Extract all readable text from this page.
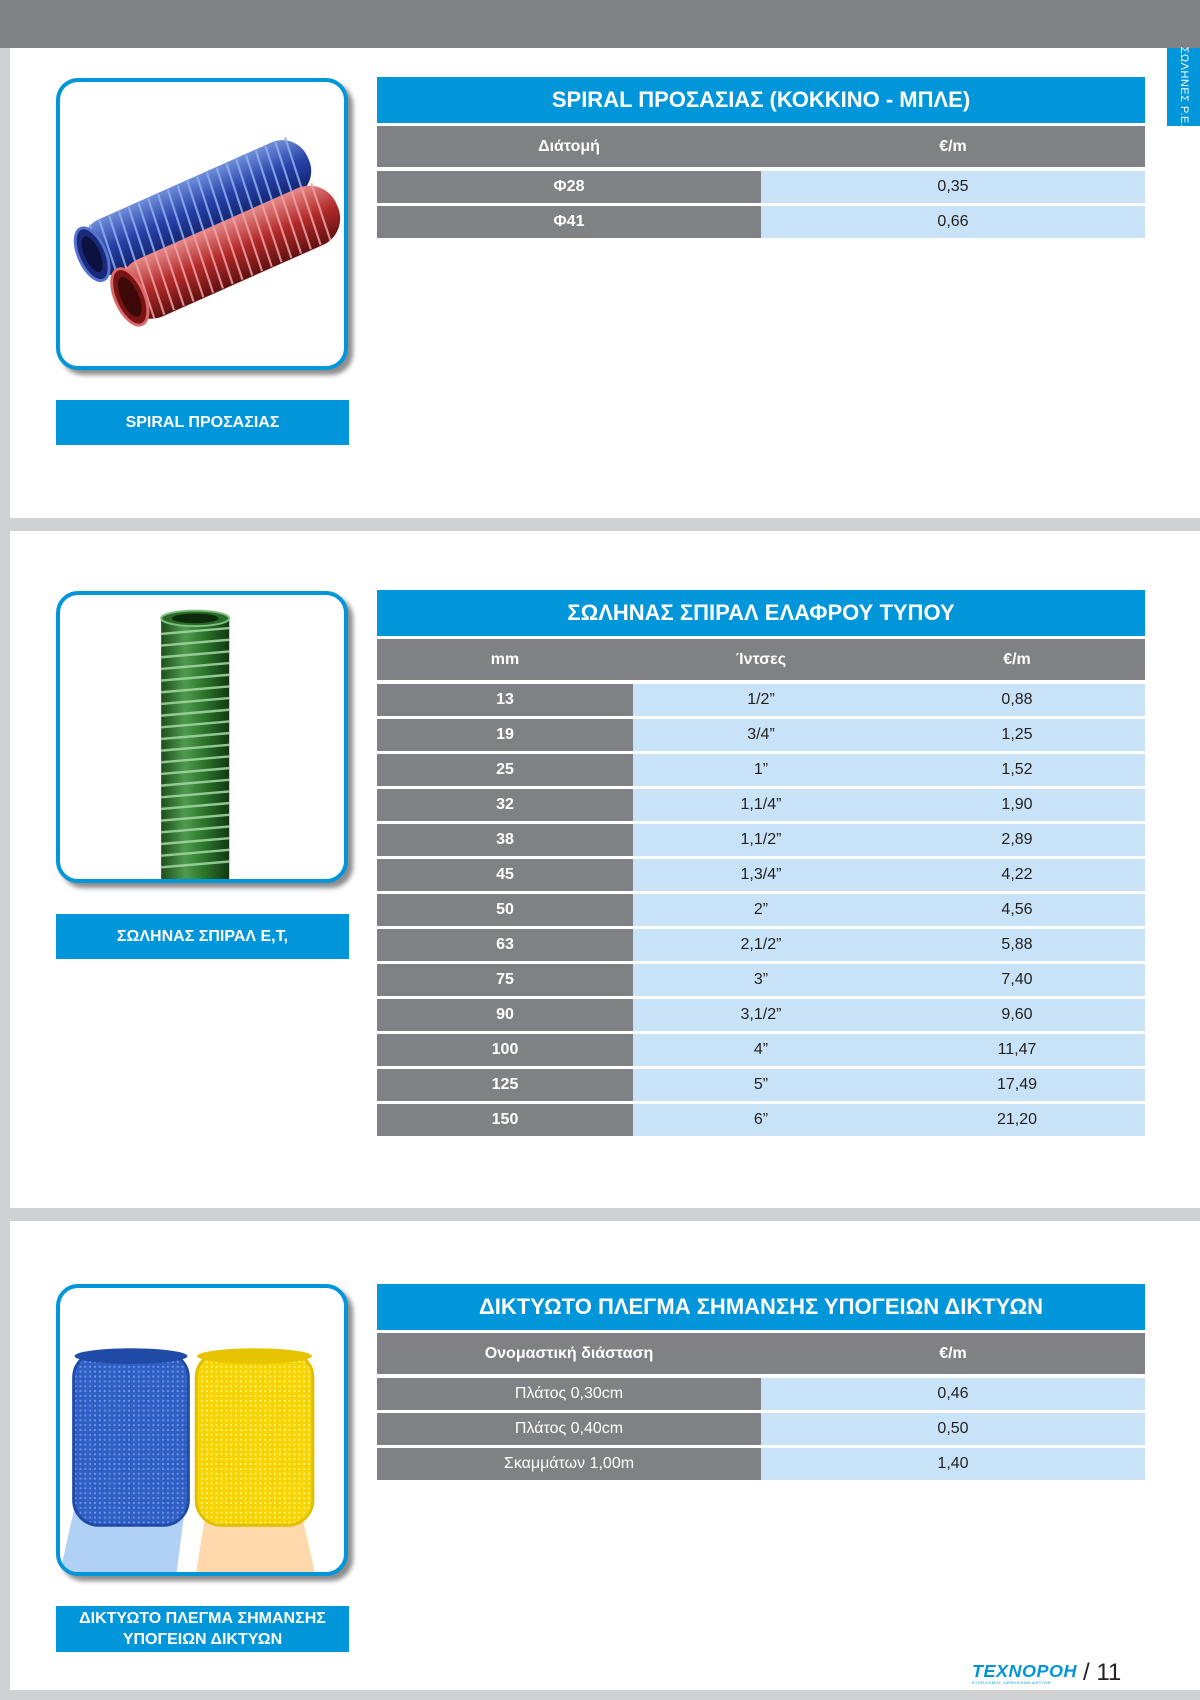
ΣΩΛΗΝΕΣ Ρ.Ε.
SPIRAL ΠΡΟΣΑΣΙΑΣ
SPIRAL ΠΡΟΣΑΣΙΑΣ (ΚΟΚΚΙΝΟ - ΜΠΛΕ)
Διάτομή	€/m
Φ28	0,35
Φ41	0,66
ΣΩΛΗΝΑΣ ΣΠΙΡΑΛ Ε,Τ,
ΣΩΛΗΝΑΣ ΣΠΙΡΑΛ ΕΛΑΦΡΟΥ ΤΥΠΟΥ
mm	Ίντσες	€/m
13	1/2”	0,88
19	3/4”	1,25
25	1”	1,52
32	1,1/4”	1,90
38	1,1/2”	2,89
45	1,3/4”	4,22
50	2”	4,56
63	2,1/2”	5,88
75	3”	7,40
90	3,1/2”	9,60
100	4”	11,47
125	5”	17,49
150	6”	21,20
ΔΙΚΤΥΩΤΟ ΠΛΕΓΜΑ ΣΗΜΑΝΣΗΣ
ΥΠΟΓΕΙΩΝ ΔΙΚΤΥΩΝ
ΔΙΚΤΥΩΤΟ ΠΛΕΓΜΑ ΣΗΜΑΝΣΗΣ ΥΠΟΓΕΙΩΝ ΔΙΚΤΥΩΝ
Ονομαστική διάσταση	€/m
Πλάτος 0,30cm	0,46
Πλάτος 0,40cm	0,50
Σκαμμάτων 1,00m	1,40
ΤΕΧΝΟΡΟΗ
ΕΞΟΠΛΙΣΜΟΣ ΥΔΡΑΥΛΙΚΩΝ ΔΙΚΤΥΩΝ / 11
